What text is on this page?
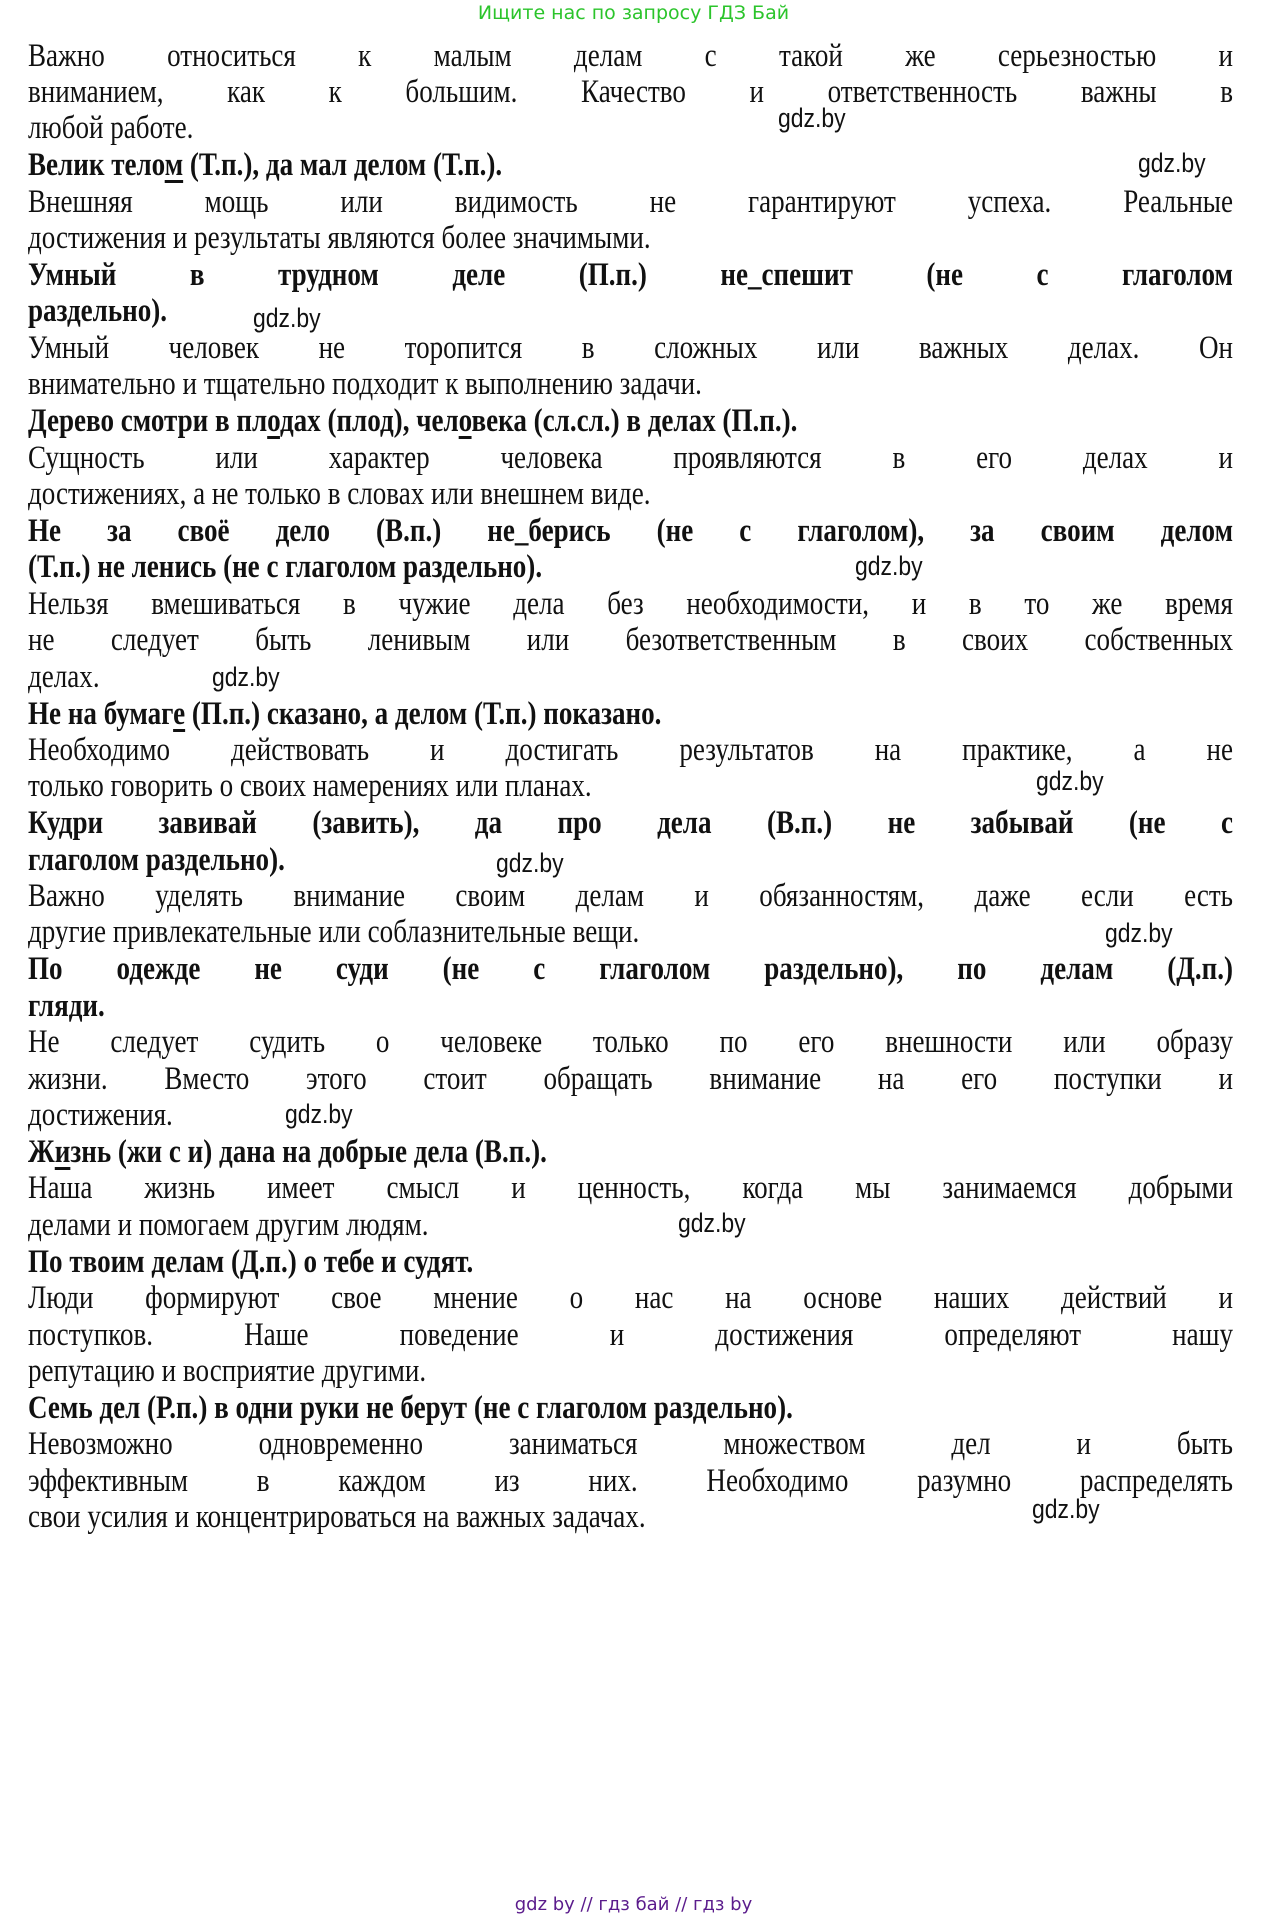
Ищите нас по запросу ГДЗ Бай
Важно относиться к малым делам с такой же серьезностью и
вниманием, как к большим. Качество и ответственность важны в
любой работе.
Велик телом (Т.п.), да мал делом (Т.п.).
Внешняя мощь или видимость не гарантируют успеха. Реальные
достижения и результаты являются более значимыми.
Умный в трудном деле (П.п.) не_спешит (не с глаголом
раздельно).
Умный человек не торопится в сложных или важных делах. Он
внимательно и тщательно подходит к выполнению задачи.
Дерево смотри в плодах (плод), человека (сл.сл.) в делах (П.п.).
Сущность или характер человека проявляются в его делах и
достижениях, а не только в словах или внешнем виде.
Не за своё дело (В.п.) не_берись (не с глаголом), за своим делом
(Т.п.) не ленись (не с глаголом раздельно).
Нельзя вмешиваться в чужие дела без необходимости, и в то же время
не следует быть ленивым или безответственным в своих собственных
делах.
Не на бумаге (П.п.) сказано, а делом (Т.п.) показано.
Необходимо действовать и достигать результатов на практике, а не
только говорить о своих намерениях или планах.
Кудри завивай (завить), да про дела (В.п.) не забывай (не с
глаголом раздельно).
Важно уделять внимание своим делам и обязанностям, даже если есть
другие привлекательные или соблазнительные вещи.
По одежде не суди (не с глаголом раздельно), по делам (Д.п.)
гляди.
Не следует судить о человеке только по его внешности или образу
жизни. Вместо этого стоит обращать внимание на его поступки и
достижения.
Жизнь (жи с и) дана на добрые дела (В.п.).
Наша жизнь имеет смысл и ценность, когда мы занимаемся добрыми
делами и помогаем другим людям.
По твоим делам (Д.п.) о тебе и судят.
Люди формируют свое мнение о нас на основе наших действий и
поступков. Наше поведение и достижения определяют нашу
репутацию и восприятие другими.
Семь дел (Р.п.) в одни руки не берут (не с глаголом раздельно).
Невозможно одновременно заниматься множеством дел и быть
эффективным в каждом из них. Необходимо разумно распределять
свои усилия и концентрироваться на важных задачах.
gdz.by
gdz.by
gdz.by
gdz.by
gdz.by
gdz.by
gdz.by
gdz.by
gdz.by
gdz.by
gdz.by
gdz by // гдз бай // гдз by
